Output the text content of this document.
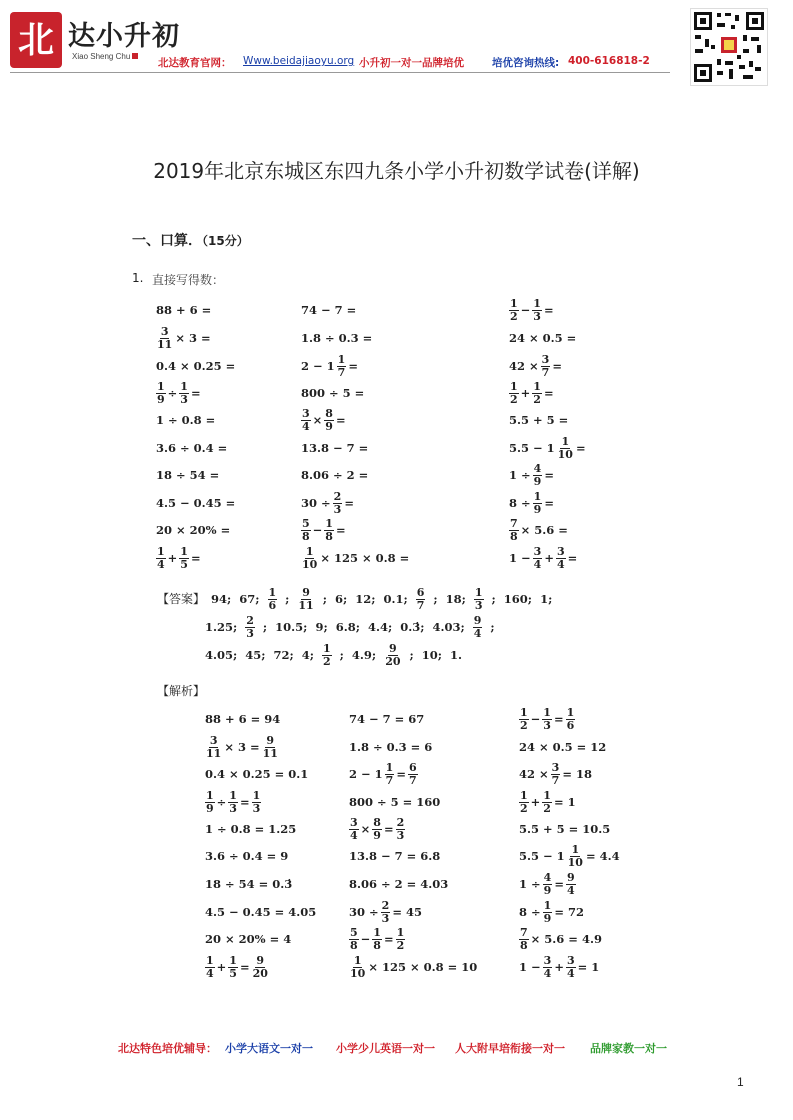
北 达小升初
Xiao Sheng Chu
北达教育官网： Www.beidajiaoyu.org 小升初一对一品牌培优	培优咨询热线: 400-616818-2
2019年北京东城区东四九条小学小升初数学试卷(详解)
一、口算．（15分）
1. 直接写得数：
88 + 6 =	74 − 7 =	$\frac{1}{2} - \frac{1}{3}$ =
$\frac{3}{11} \times 3$ =	1.8 ÷ 0.3 =	24 × 0.5 =
0.4 × 0.25 =	$2 - 1 \frac{1}{7}$ =	$42 \times \frac{3}{7}$ =
$\frac{1}{9} \div \frac{1}{3}$ =	800 ÷ 5 =	$\frac{1}{2} + \frac{1}{2}$ =
1 ÷ 0.8 =	$\frac{3}{4} \times \frac{8}{9}$ =	5.5 + 5 =
3.6 ÷ 0.4 =	13.8 − 7 =	$5.5 - 1 \frac{1}{10}$ =
18 ÷ 54 =	8.06 ÷ 2 =	$1 \div \frac{4}{9}$ =
4.5 − 0.45 =	$30 \div \frac{2}{3}$ =	$8 \div \frac{1}{9}$ =
20 × 20% =	$\frac{5}{8} - \frac{1}{8}$ =	$\frac{7}{8} \times 5.6$ =
$\frac{1}{4} + \frac{1}{5}$ =	$\frac{1}{10} \times 125 \times 0.8$ =	$1 - \frac{3}{4} + \frac{3}{4}$ =
【答案】 94; 67; $\frac{1}{6}$ ; $\frac{9}{11}$ ; 6; 12; 0.1; $\frac{6}{7}$ ; 18; $\frac{1}{3}$ ; 160; 1;
1.25; $\frac{2}{3}$ ; 10.5; 9; 6.8; 4.4; 0.3̇; 4.03; $\frac{9}{4}$ ;
4.05; 45; 72; 4; $\frac{1}{2}$ ; 4.9; $\frac{9}{20}$ ; 10; 1.
【解析】
88 + 6 = 94	74 − 7 = 67	$\frac{1}{2} - \frac{1}{3} = \frac{1}{6}$
$\frac{3}{11} \times 3 = \frac{9}{11}$	1.8 ÷ 0.3 = 6	24 × 0.5 = 12
0.4 × 0.25 = 0.1	$2 - 1 \frac{1}{7} = \frac{6}{7}$	$42 \times \frac{3}{7} = 18$
$\frac{1}{9} \div \frac{1}{3} = \frac{1}{3}$	800 ÷ 5 = 160	$\frac{1}{2} + \frac{1}{2} = 1$
1 ÷ 0.8 = 1.25	$\frac{3}{4} \times \frac{8}{9} = \frac{2}{3}$	5.5 + 5 = 10.5
3.6 ÷ 0.4 = 9	13.8 − 7 = 6.8	$5.5 - 1 \frac{1}{10} = 4.4$
18 ÷ 54 = 0.3̇	8.06 ÷ 2 = 4.03	$1 \div \frac{4}{9} = \frac{9}{4}$
4.5 − 0.45 = 4.05	$30 \div \frac{2}{3} = 45$	$8 \div \frac{1}{9} = 72$
20 × 20% = 4	$\frac{5}{8} - \frac{1}{8} = \frac{1}{2}$	$\frac{7}{8} \times 5.6 = 4.9$
$\frac{1}{4} + \frac{1}{5} = \frac{9}{20}$	$\frac{1}{10} \times 125 \times 0.8 = 10$	$1 - \frac{3}{4} + \frac{3}{4} = 1$
北达特色培优辅导： 小学大语文一对一 小学少儿英语一对一 人大附早培衔接一对一 品牌家教一对一
1
